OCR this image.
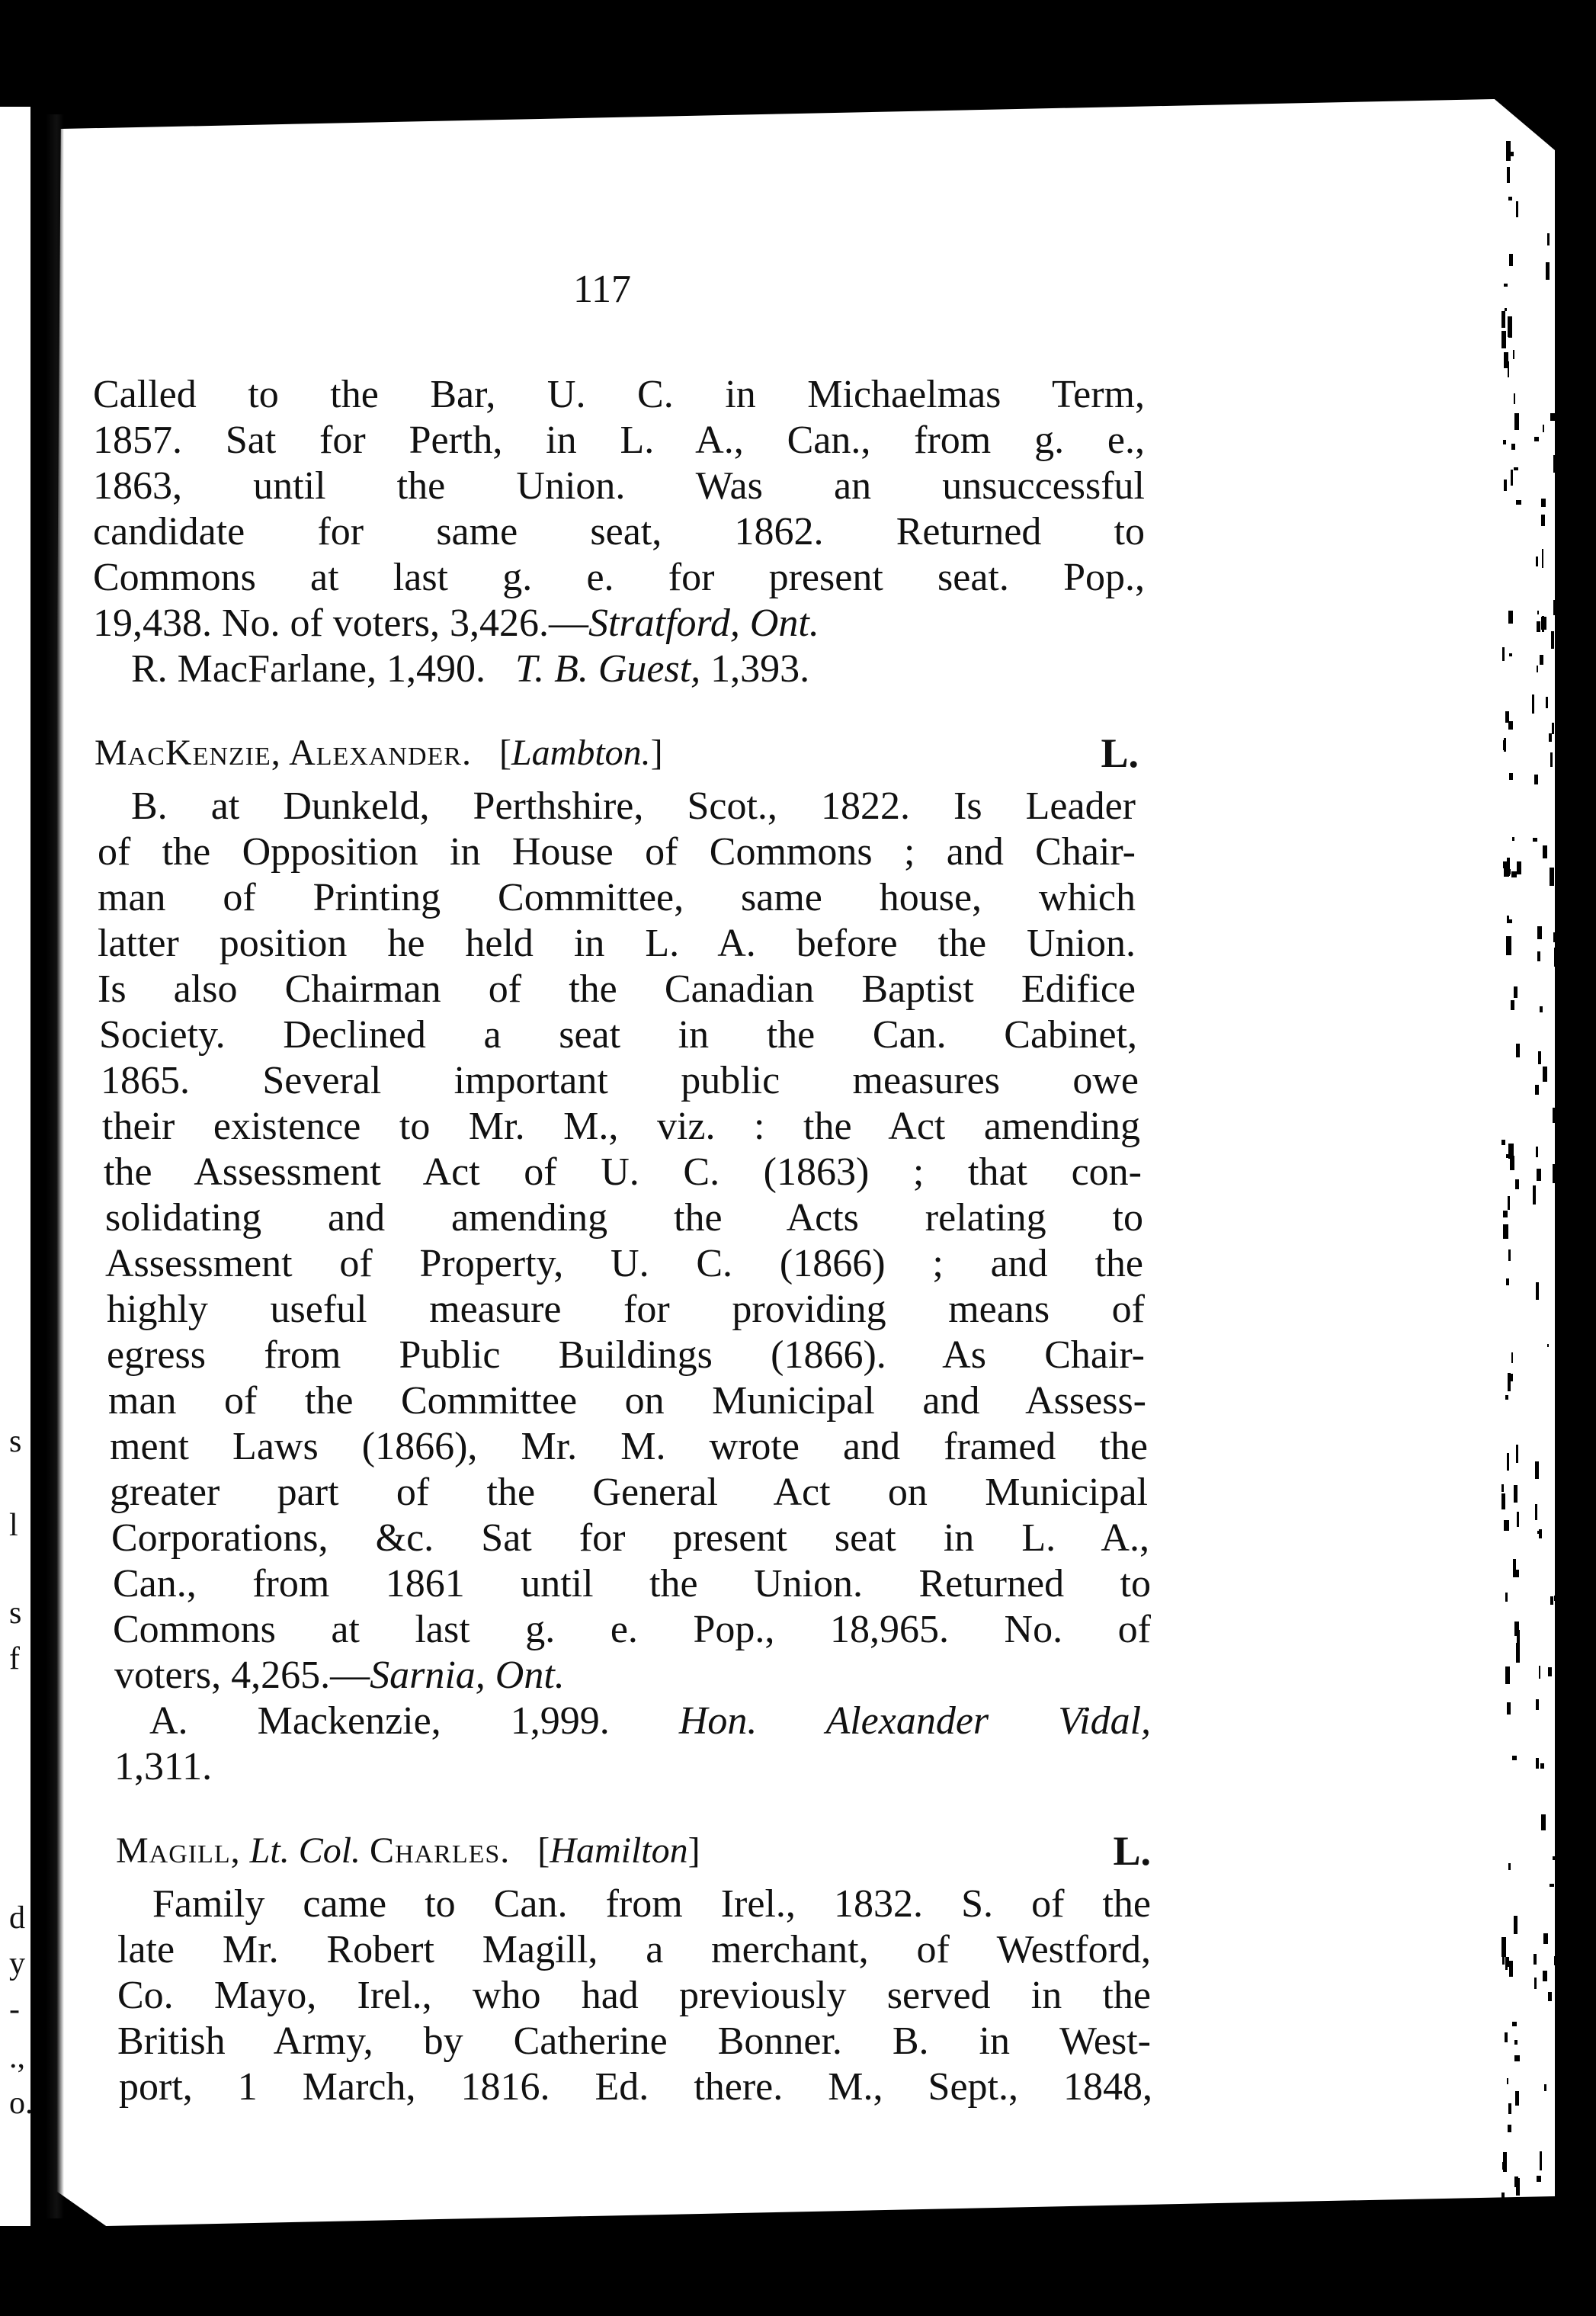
s
l
s
f
d
y
-
.,
o.
117
Called to the Bar, U. C. in Michaelmas Term,
1857. Sat for Perth, in L. A., Can., from g. e.,
1863, until the Union. Was an unsuccessful
candidate for same seat, 1862. Returned to
Commons at last g. e. for present seat. Pop.,
19,438. No. of voters, 3,426.—Stratford, Ont.
R. MacFarlane, 1,490. T. B. Guest, 1,393.
MacKenzie, Alexander. [Lambton.]	L.
B. at Dunkeld, Perthshire, Scot., 1822. Is Leader
of the Opposition in House of Commons ; and Chair-
man of Printing Committee, same house, which
latter position he held in L. A. before the Union.
Is also Chairman of the Canadian Baptist Edifice
Society. Declined a seat in the Can. Cabinet,
1865. Several important public measures owe
their existence to Mr. M., viz. : the Act amending
the Assessment Act of U. C. (1863) ; that con-
solidating and amending the Acts relating to
Assessment of Property, U. C. (1866) ; and the
highly useful measure for providing means of
egress from Public Buildings (1866). As Chair-
man of the Committee on Municipal and Assess-
ment Laws (1866), Mr. M. wrote and framed the
greater part of the General Act on Municipal
Corporations, &c. Sat for present seat in L. A.,
Can., from 1861 until the Union. Returned to
Commons at last g. e. Pop., 18,965. No. of
voters, 4,265.—Sarnia, Ont.
A. Mackenzie, 1,999. Hon. Alexander Vidal,
1,311.
Magill, Lt. Col. Charles. [Hamilton]	L.
Family came to Can. from Irel., 1832. S. of the
late Mr. Robert Magill, a merchant, of Westford,
Co. Mayo, Irel., who had previously served in the
British Army, by Catherine Bonner. B. in West-
port, 1 March, 1816. Ed. there. M., Sept., 1848,
